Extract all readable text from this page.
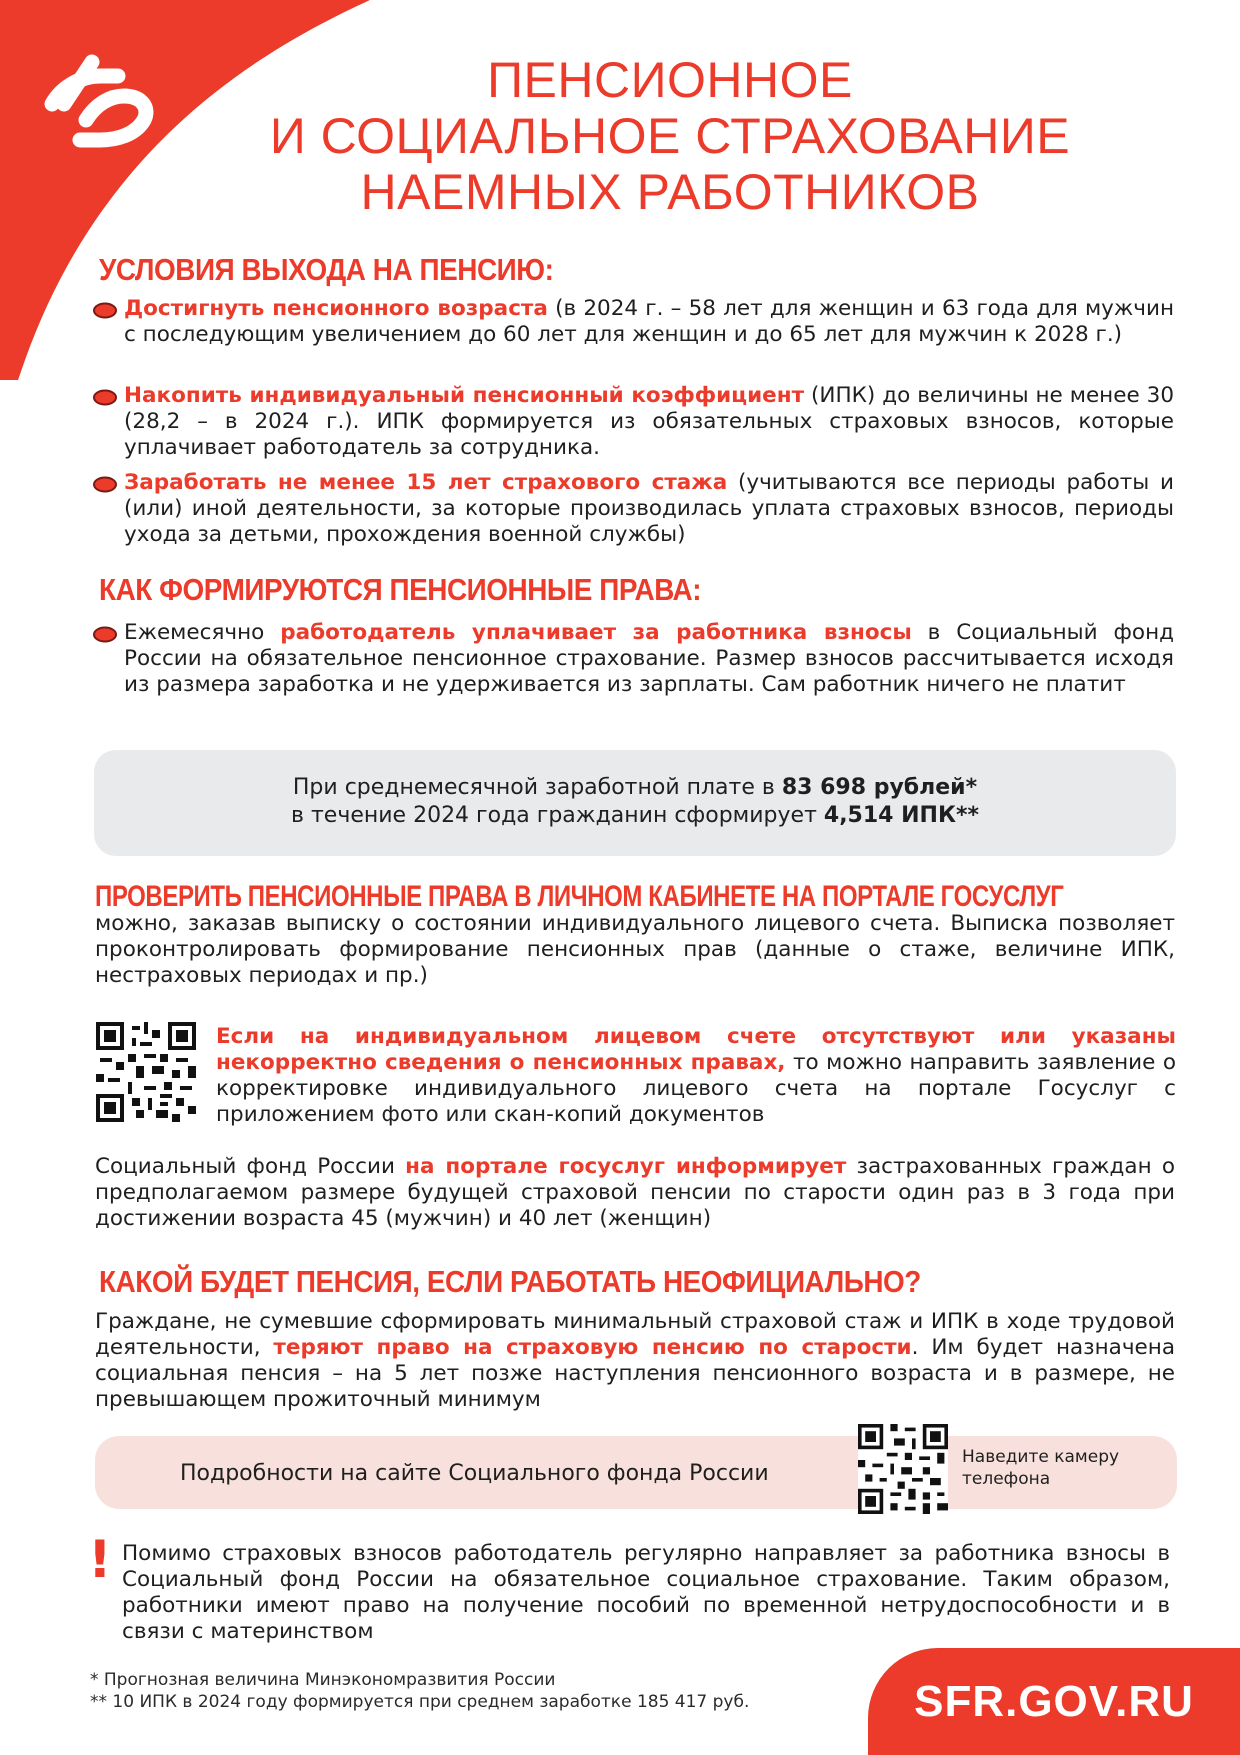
ПЕНСИОННОЕ
И СОЦИАЛЬНОЕ СТРАХОВАНИЕ
НАЕМНЫХ РАБОТНИКОВ
УСЛОВИЯ ВЫХОДА НА ПЕНСИЮ:
Достигнуть пенсионного возраста (в 2024 г. – 58 лет для женщин и 63 года для мужчин с последующим увеличением до 60 лет для женщин и до 65 лет для мужчин к 2028 г.)
Накопить индивидуальный пенсионный коэффициент (ИПК) до величины не менее 30 (28,2 – в 2024 г.). ИПК формируется из обязательных страховых взносов, которые уплачивает работодатель за сотрудника.
Заработать не менее 15 лет страхового стажа (учитываются все периоды работы и (или) иной деятельности, за которые производилась уплата страховых взносов, периоды ухода за детьми, прохождения военной службы)
КАК ФОРМИРУЮТСЯ ПЕНСИОННЫЕ ПРАВА:
Ежемесячно работодатель уплачивает за работника взносы в Социальный фонд России на обязательное пенсионное страхование. Размер взносов рассчитывается исходя из размера заработка и не удерживается из зарплаты. Сам работник ничего не платит
При среднемесячной заработной плате в 83 698 рублей*
в течение 2024 года гражданин сформирует 4,514 ИПК**
ПРОВЕРИТЬ ПЕНСИОННЫЕ ПРАВА В ЛИЧНОМ КАБИНЕТЕ НА ПОРТАЛЕ ГОСУСЛУГ можно, заказав выписку о состоянии индивидуального лицевого счета. Выписка позволяет проконтролировать формирование пенсионных прав (данные о стаже, величине ИПК, нестраховых периодах и пр.)
Если на индивидуальном лицевом счете отсутствуют или указаны некорректно сведения о пенсионных правах, то можно направить заявление о корректировке индивидуального лицевого счета на портале Госуслуг с приложением фото или скан-копий документов
Социальный фонд России на портале госуслуг информирует застрахованных граждан о предполагаемом размере будущей страховой пенсии по старости один раз в 3 года при достижении возраста 45 (мужчин) и 40 лет (женщин)
КАКОЙ БУДЕТ ПЕНСИЯ, ЕСЛИ РАБОТАТЬ НЕОФИЦИАЛЬНО?
Граждане, не сумевшие сформировать минимальный страховой стаж и ИПК в ходе трудовой деятельности, теряют право на страховую пенсию по старости. Им будет назначена социальная пенсия – на 5 лет позже наступления пенсионного возраста и в размере, не превышающем прожиточный минимум
Подробности на сайте Социального фонда России
Наведите камеру
телефона
! Помимо страховых взносов работодатель регулярно направляет за работника взносы в Социальный фонд России на обязательное социальное страхование. Таким образом, работники имеют право на получение пособий по временной нетрудоспособности и в связи с материнством
* Прогнозная величина Минэкономразвития России
** 10 ИПК в 2024 году формируется при среднем заработке 185 417 руб.	SFR.GOV.RU
